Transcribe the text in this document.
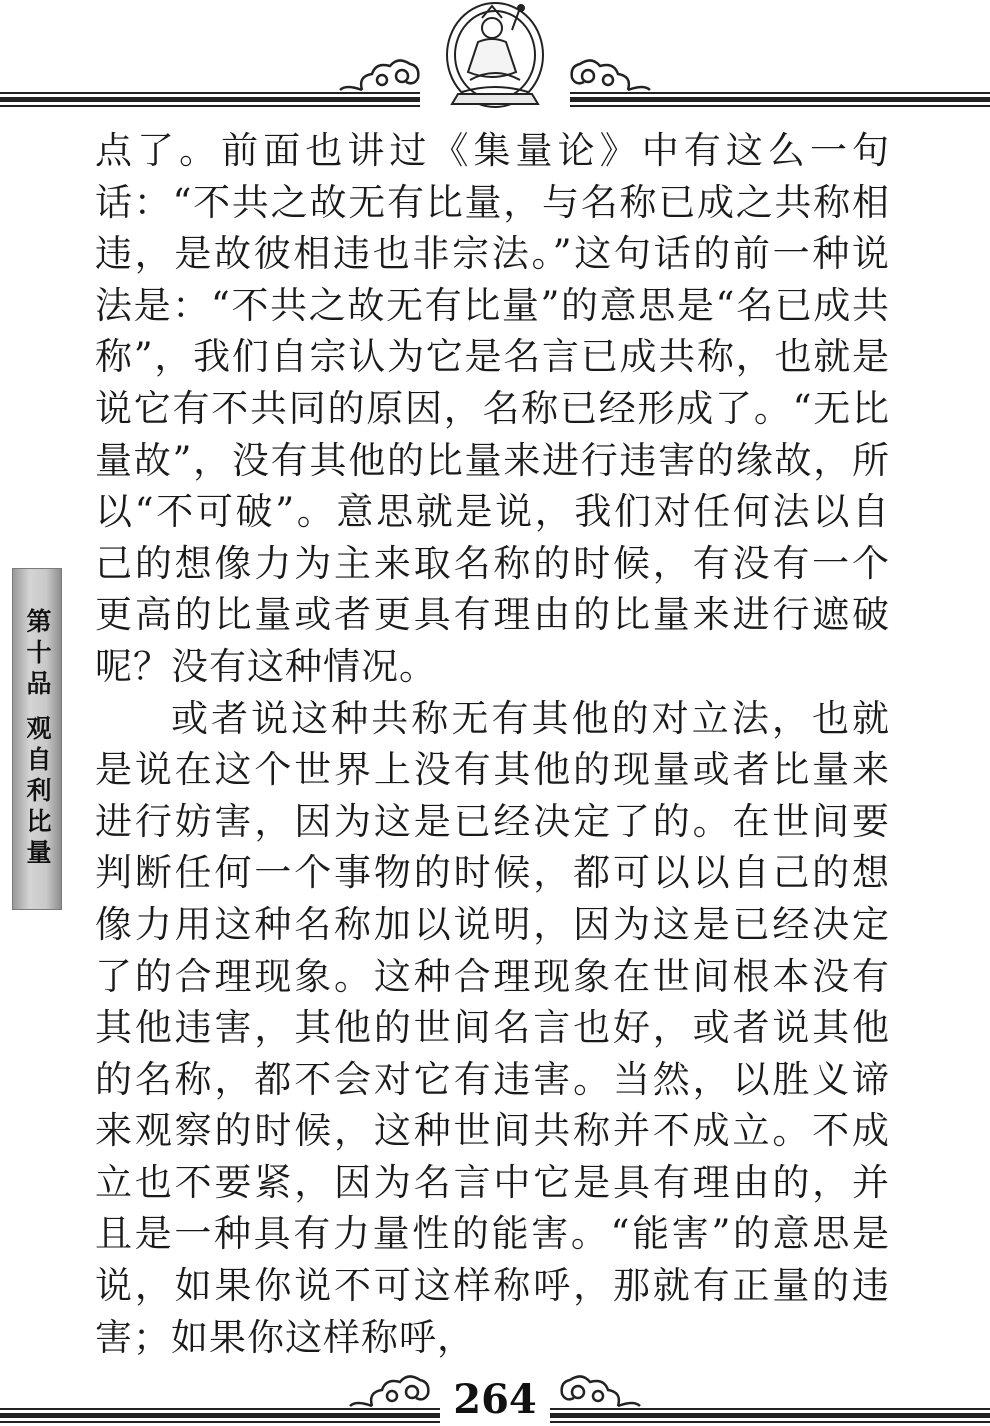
点了。前面也讲过《集量论》中有这么一句话：“不共之故无有比量，与名称已成之共称相违，是故彼相违也非宗法。”这句话的前一种说法是：“不共之故无有比量”的意思是“名已成共称”，我们自宗认为它是名言已成共称，也就是说它有不共同的原因，名称已经形成了。“无比量故”，没有其他的比量来进行违害的缘故，所以“不可破”。意思就是说，我们对任何法以自己的想像力为主来取名称的时候，有没有一个更高的比量或者更具有理由的比量来进行遮破呢？没有这种情况。

或者说这种共称无有其他的对立法，也就是说在这个世界上没有其他的现量或者比量来进行妨害，因为这是已经决定了的。在世间要判断任何一个事物的时候，都可以以自己的想像力用这种名称加以说明，因为这是已经决定了的合理现象。这种合理现象在世间根本没有其他违害，其他的世间名言也好，或者说其他的名称，都不会对它有违害。当然，以胜义谛来观察的时候，这种世间共称并不成立。不成立也不要紧，因为名言中它是具有理由的，并且是一种具有力量性的能害。“能害”的意思是说，如果你说不可这样称呼，那就有正量的违害；如果你这样称呼，

第十品
观自利比量
264
